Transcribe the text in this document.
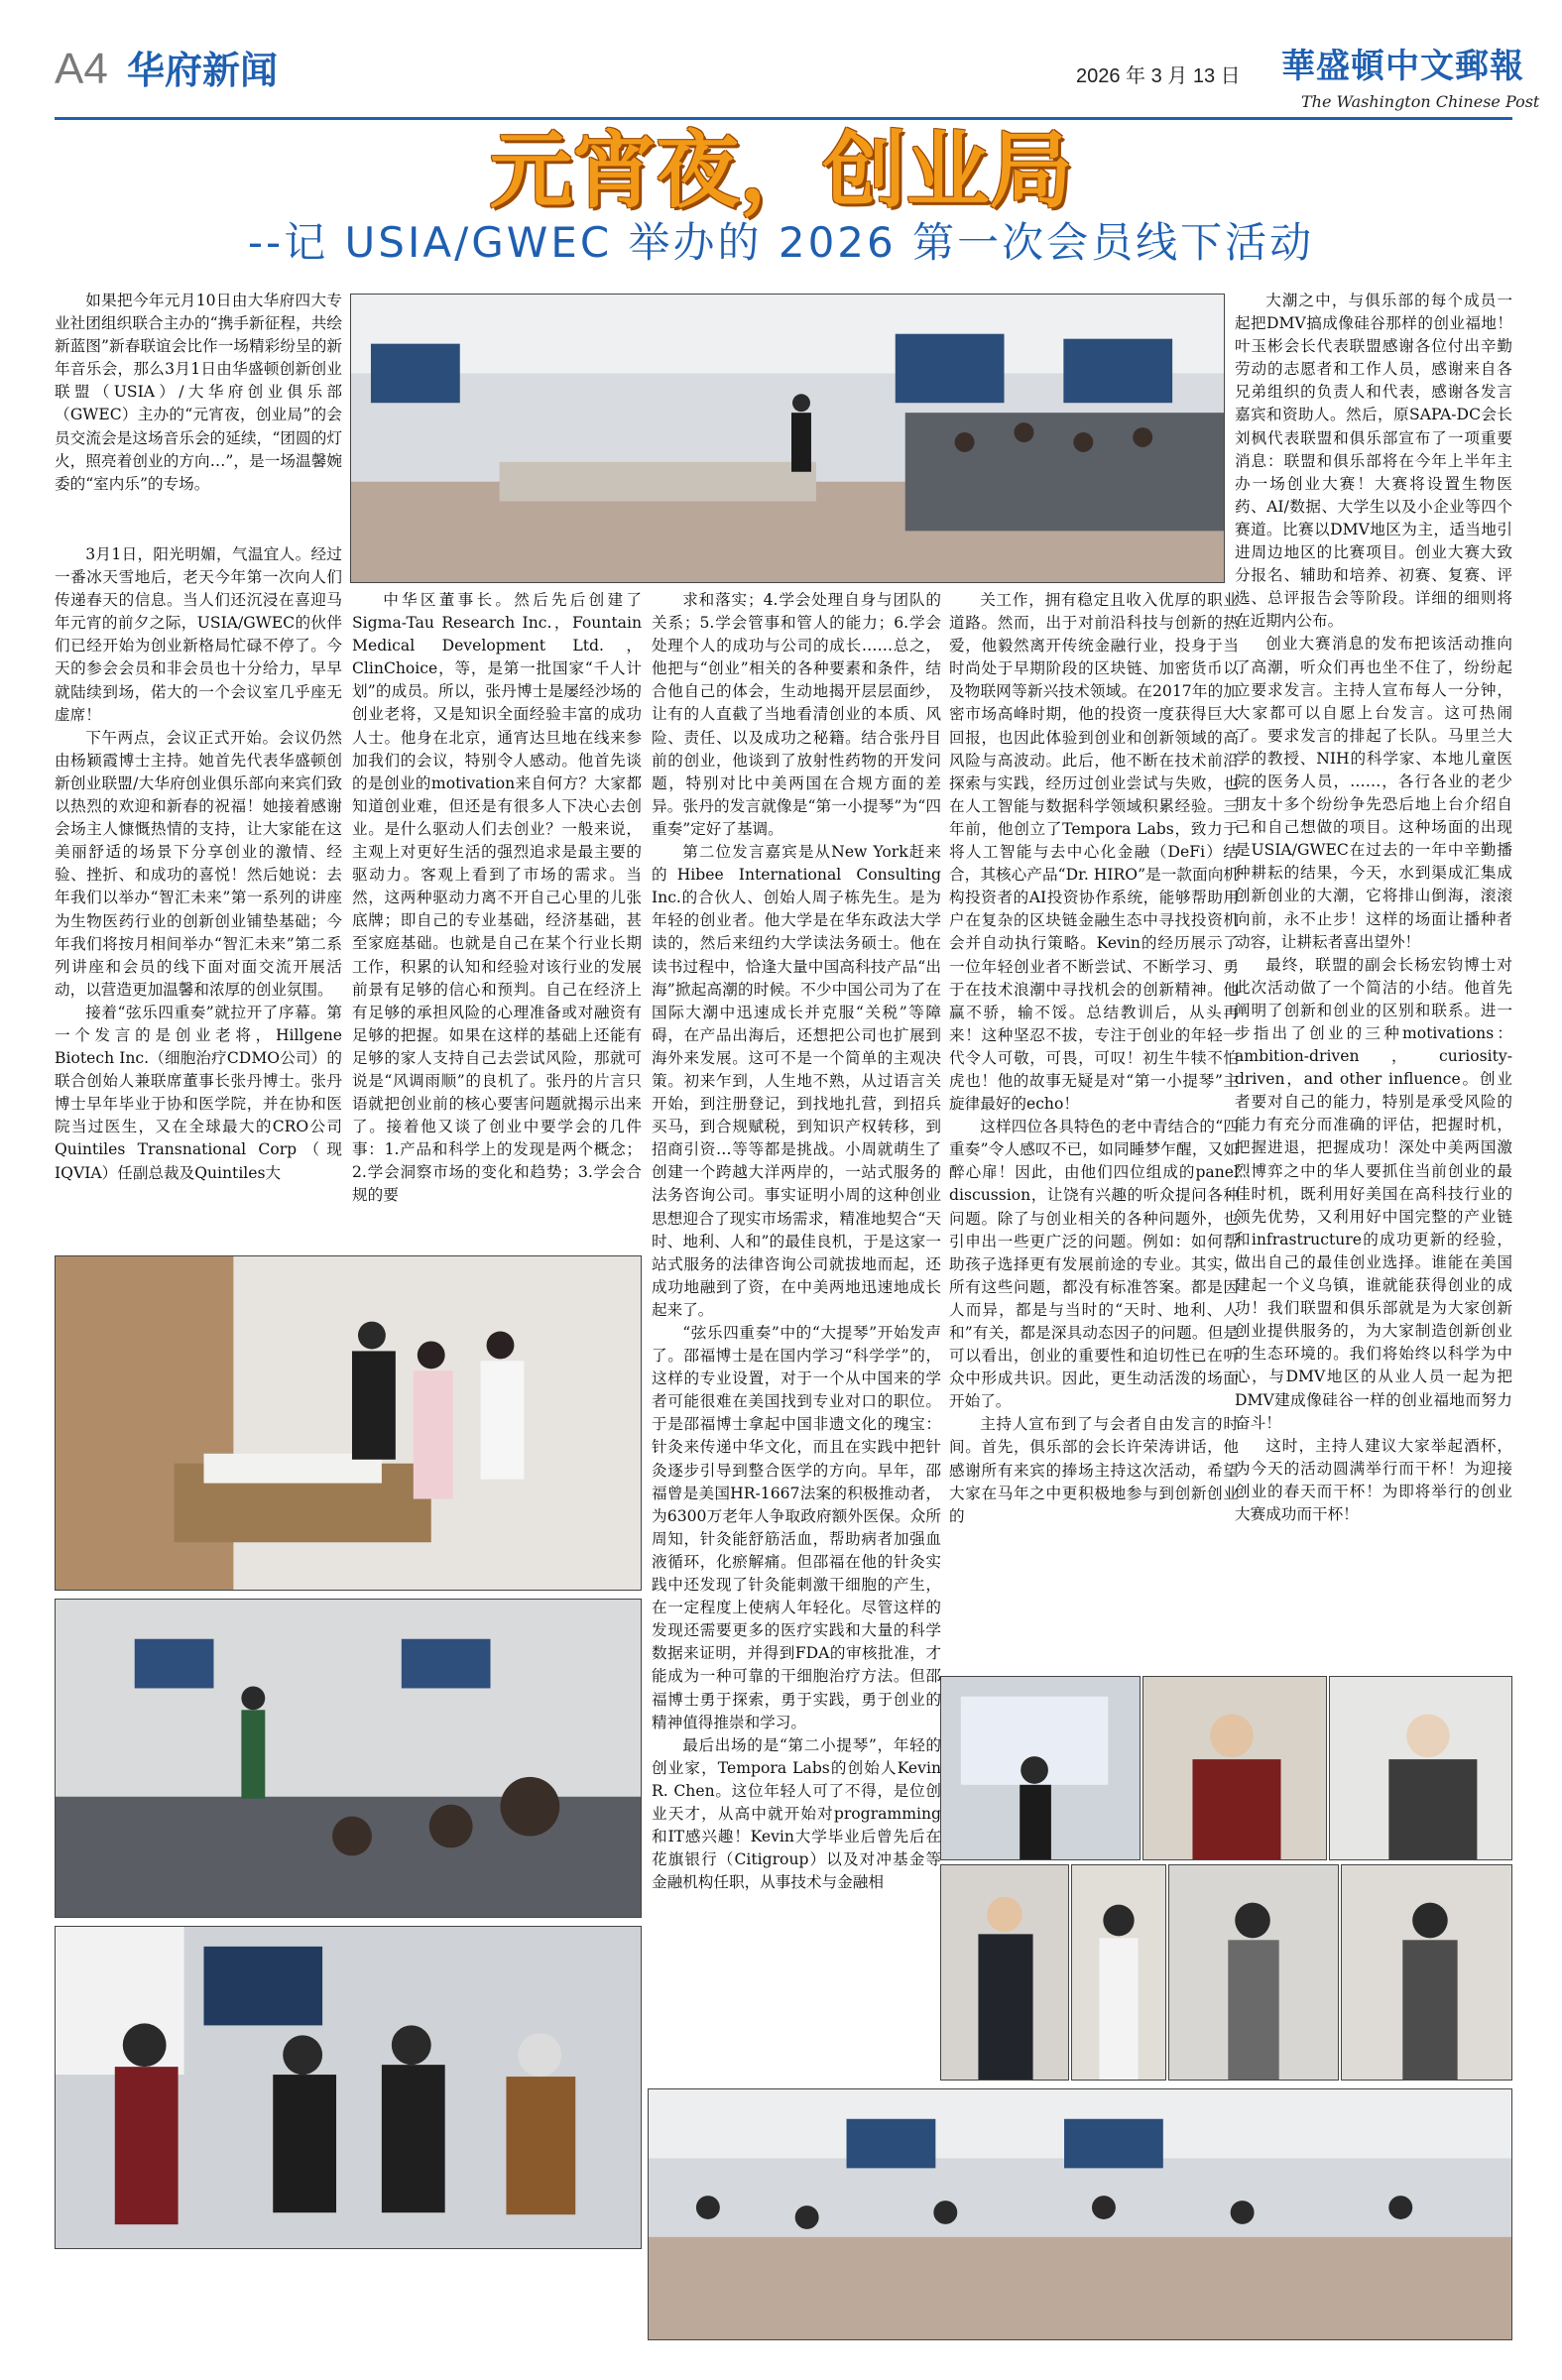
A4 华府新闻	2026 年 3 月 13 日 華盛頓中文郵報
The Washington Chinese Post
元宵夜，创业局
--记 USIA/GWEC 举办的 2026 第一次会员线下活动

如果把今年元月10日由大华府四大专业社团组织联合主办的“携手新征程，共绘新蓝图”新春联谊会比作一场精彩纷呈的新年音乐会，那么3月1日由华盛顿创新创业联盟（USIA）/大华府创业俱乐部（GWEC）主办的“元宵夜，创业局”的会员交流会是这场音乐会的延续，“团圆的灯火，照亮着创业的方向…”，是一场温馨婉委的“室内乐”的专场。

3月1日，阳光明媚，气温宜人。经过一番冰天雪地后，老天今年第一次向人们传递春天的信息。当人们还沉浸在喜迎马年元宵的前夕之际，USIA/GWEC的伙伴们已经开始为创业新格局忙碌不停了。今天的参会会员和非会员也十分给力，早早就陆续到场，偌大的一个会议室几乎座无虚席！

下午两点，会议正式开始。会议仍然由杨颖霞博士主持。她首先代表华盛顿创新创业联盟/大华府创业俱乐部向来宾们致以热烈的欢迎和新春的祝福！她接着感谢会场主人慷慨热情的支持，让大家能在这美丽舒适的场景下分享创业的激情、经验、挫折、和成功的喜悦！然后她说：去年我们以举办“智汇未来”第一系列的讲座为生物医药行业的创新创业铺垫基础；今年我们将按月相间举办“智汇未来”第二系列讲座和会员的线下面对面交流开展活动，以营造更加温馨和浓厚的创业氛围。

接着“弦乐四重奏”就拉开了序幕。第一个发言的是创业老将，Hillgene Biotech Inc.（细胞治疗CDMO公司）的联合创始人兼联席董事长张丹博士。张丹博士早年毕业于协和医学院，并在协和医院当过医生，又在全球最大的CRO公司Quintiles Transnational Corp（现IQVIA）任副总裁及Quintiles大

中华区董事长。然后先后创建了Sigma-Tau Research Inc.，Fountain Medical Development Ltd.，ClinChoice，等，是第一批国家“千人计划”的成员。所以，张丹博士是屡经沙场的创业老将，又是知识全面经验丰富的成功人士。他身在北京，通宵达旦地在线来参加我们的会议，特别令人感动。他首先谈的是创业的motivation来自何方？大家都知道创业难，但还是有很多人下决心去创业。是什么驱动人们去创业？一般来说，主观上对更好生活的强烈追求是最主要的驱动力。客观上看到了市场的需求。当然，这两种驱动力离不开自己心里的儿张底牌；即自己的专业基础，经济基础，甚至家庭基础。也就是自己在某个行业长期工作，积累的认知和经验对该行业的发展前景有足够的信心和预判。自己在经济上有足够的承担风险的心理准备或对融资有足够的把握。如果在这样的基础上还能有足够的家人支持自己去尝试风险，那就可说是“风调雨顺”的良机了。张丹的片言只语就把创业前的核心要害问题就揭示出来了。接着他又谈了创业中要学会的几件事：1.产品和科学上的发现是两个概念；2.学会洞察市场的变化和趋势；3.学会合规的要

求和落实；4.学会处理自身与团队的关系；5.学会管事和管人的能力；6.学会处理个人的成功与公司的成长……总之，他把与“创业”相关的各种要素和条件，结合他自己的体会，生动地揭开层层面纱，让有的人直截了当地看清创业的本质、风险、责任、以及成功之秘籍。结合张丹目前的创业，他谈到了放射性药物的开发问题，特别对比中美两国在合规方面的差异。张丹的发言就像是“第一小提琴”为“四重奏”定好了基调。

第二位发言嘉宾是从New York赶来的Hibee International Consulting Inc.的合伙人、创始人周子栋先生。是为年轻的创业者。他大学是在华东政法大学读的，然后来纽约大学读法务硕士。他在读书过程中，恰逢大量中国高科技产品“出海”掀起高潮的时候。不少中国公司为了在国际大潮中迅速成长并克服“关税”等障碍，在产品出海后，还想把公司也扩展到海外来发展。这可不是一个简单的主观决策。初来乍到，人生地不熟，从过语言关开始，到注册登记，到找地扎营，到招兵买马，到合规赋税，到知识产权转移，到招商引资…等等都是挑战。小周就萌生了创建一个跨越大洋两岸的，一站式服务的法务咨询公司。事实证明小周的这种创业思想迎合了现实市场需求，精准地契合“天时、地利、人和”的最佳良机，于是这家一站式服务的法律咨询公司就拔地而起，还成功地融到了资，在中美两地迅速地成长起来了。

“弦乐四重奏”中的“大提琴”开始发声了。邵福博士是在国内学习“科学学”的，这样的专业设置，对于一个从中国来的学者可能很难在美国找到专业对口的职位。于是邵福博士拿起中国非遗文化的瑰宝：针灸来传递中华文化，而且在实践中把针灸逐步引导到整合医学的方向。早年，邵福曾是美国HR-1667法案的积极推动者，为6300万老年人争取政府额外医保。众所周知，针灸能舒筋活血，帮助病者加强血液循环，化瘀解痛。但邵福在他的针灸实践中还发现了针灸能刺激干细胞的产生，在一定程度上使病人年轻化。尽管这样的发现还需要更多的医疗实践和大量的科学数据来证明，并得到FDA的审核批准，才能成为一种可靠的干细胞治疗方法。但邵福博士勇于探索，勇于实践，勇于创业的精神值得推崇和学习。

最后出场的是“第二小提琴”，年轻的创业家，Tempora Labs的创始人Kevin R. Chen。这位年轻人可了不得，是位创业天才，从高中就开始对programming和IT感兴趣！Kevin大学毕业后曾先后在花旗银行（Citigroup）以及对冲基金等金融机构任职，从事技术与金融相

关工作，拥有稳定且收入优厚的职业道路。然而，出于对前沿科技与创新的热爱，他毅然离开传统金融行业，投身于当时尚处于早期阶段的区块链、加密货币以及物联网等新兴技术领域。在2017年的加密市场高峰时期，他的投资一度获得巨大回报，也因此体验到创业和创新领域的高风险与高波动。此后，他不断在技术前沿探索与实践，经历过创业尝试与失败，也在人工智能与数据科学领域积累经验。三年前，他创立了Tempora Labs，致力于将人工智能与去中心化金融（DeFi）结合，其核心产品“Dr. HIRO”是一款面向机构投资者的AI投资协作系统，能够帮助用户在复杂的区块链金融生态中寻找投资机会并自动执行策略。Kevin的经历展示了一位年轻创业者不断尝试、不断学习、勇于在技术浪潮中寻找机会的创新精神。他赢不骄，输不馁。总结教训后，从头再来！这种坚忍不拔，专注于创业的年轻一代令人可敬，可畏，可叹！初生牛犊不怕虎也！他的故事无疑是对“第一小提琴”主旋律最好的echo！

这样四位各具特色的老中青结合的“四重奏”令人感叹不已，如同睡梦乍醒，又如醉心扉！因此，由他们四位组成的panel discussion，让饶有兴趣的听众提问各种问题。除了与创业相关的各种问题外，也引申出一些更广泛的问题。例如：如何帮助孩子选择更有发展前途的专业。其实，所有这些问题，都没有标准答案。都是因人而异，都是与当时的“天时、地利、人和”有关，都是深具动态因子的问题。但是可以看出，创业的重要性和迫切性已在听众中形成共识。因此，更生动活泼的场面开始了。

主持人宣布到了与会者自由发言的时间。首先，俱乐部的会长许荣涛讲话，他感谢所有来宾的捧场主持这次活动，希望大家在马年之中更积极地参与到创新创业的

大潮之中，与俱乐部的每个成员一起把DMV搞成像硅谷那样的创业福地！叶玉彬会长代表联盟感谢各位付出辛勤劳动的志愿者和工作人员，感谢来自各兄弟组织的负责人和代表，感谢各发言嘉宾和资助人。然后，原SAPA-DC会长刘枫代表联盟和俱乐部宣布了一项重要消息：联盟和俱乐部将在今年上半年主办一场创业大赛！大赛将设置生物医药、AI/数据、大学生以及小企业等四个赛道。比赛以DMV地区为主，适当地引进周边地区的比赛项目。创业大赛大致分报名、辅助和培养、初赛、复赛、评选、总评报告会等阶段。详细的细则将在近期内公布。

创业大赛消息的发布把该活动推向了高潮，听众们再也坐不住了，纷纷起立要求发言。主持人宣布每人一分钟，大家都可以自愿上台发言。这可热闹了。要求发言的排起了长队。马里兰大学的教授、NIH的科学家、本地儿童医院的医务人员，……，各行各业的老少朋友十多个纷纷争先恐后地上台介绍自己和自己想做的项目。这种场面的出现是USIA/GWEC在过去的一年中辛勤播种耕耘的结果，今天，水到渠成汇集成创新创业的大潮，它将排山倒海，滚滚向前，永不止步！这样的场面让播种者动容，让耕耘者喜出望外！

最终，联盟的副会长杨宏钧博士对此次活动做了一个简洁的小结。他首先阐明了创新和创业的区别和联系。进一步指出了创业的三种motivations：ambition-driven，curiosity-driven，and other influence。创业者要对自己的能力，特别是承受风险的能力有充分而准确的评估，把握时机，把握进退，把握成功！深处中美两国激烈博弈之中的华人要抓住当前创业的最佳时机，既利用好美国在高科技行业的领先优势，又利用好中国完整的产业链和infrastructure的成功更新的经验，做出自己的最佳创业选择。谁能在美国建起一个义乌镇，谁就能获得创业的成功！我们联盟和俱乐部就是为大家创新创业提供服务的，为大家制造创新创业的生态环境的。我们将始终以科学为中心，与DMV地区的从业人员一起为把DMV建成像硅谷一样的创业福地而努力奋斗！

这时，主持人建议大家举起酒杯，为今天的活动圆满举行而干杯！为迎接创业的春天而干杯！为即将举行的创业大赛成功而干杯！
